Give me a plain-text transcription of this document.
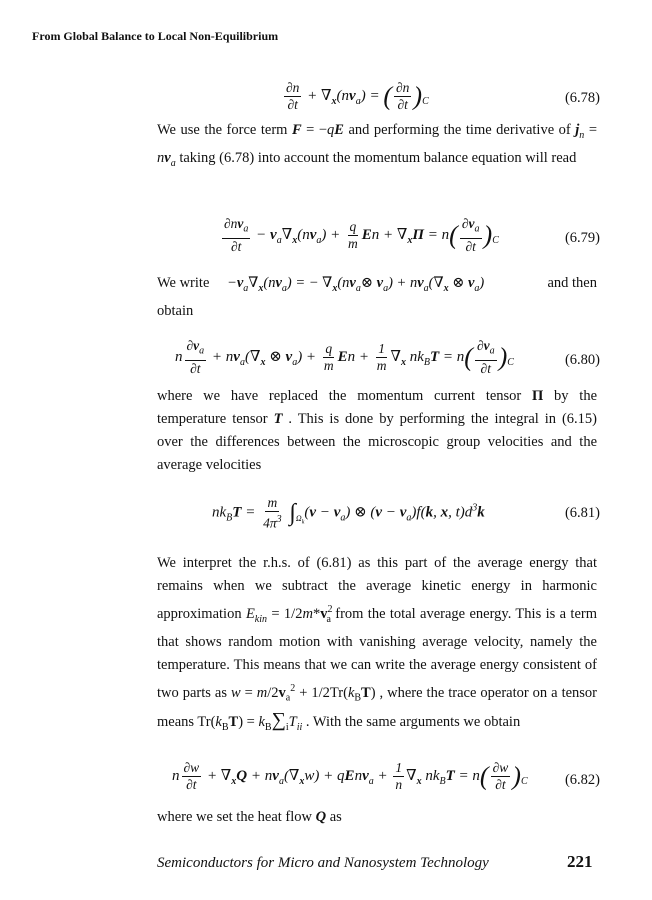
From Global Balance to Local Non-Equilibrium
$\frac{\partial n}{\partial t} + \nabla_x(nv_a)$ = ( $\frac{\partial n}{\partial t} )_C$	(6.78)

We use the force term F = −qE and performing the time derivative of $j_n = nv_a$ taking (6.78) into account the momentum balance equation will read

$\frac{\partial nv_a}{\partial t} - v_a\nabla_x(nv_a) + \frac{q}{m}$ $En + \nabla_x\Pi = n( \frac{\partial v_a}{\partial t} )_C$	(6.79)
We write $-v_a\nabla_x(nv_a)$ = − $\nabla_x(nv_a\otimes$ $v_a) + nv_a(\nabla_x$ ⊗ $v_a$)	and then

obtain
n $\frac{\partial v_a}{\partial t} + nv_a(\nabla_x$ ⊗ $v_a) + \frac{q}{m}$ $En + \frac{1}{m} \nabla_x$ $nk_BT = n( \frac{\partial v_a}{\partial t} )_C$	(6.80)

where we have replaced the momentum current tensor Π by the temperature tensor T . This is done by performing the integral in (6.15) over the differences between the microscopic group velocities and the average velocities

$nk_BT = \frac{m}{4\pi^3} \int_{\Omega_k}(v - v_a)$ ⊗ $(v - v_a)f(k$, x, $t)d^3k$	(6.81)

We interpret the r.h.s. of (6.81) as this part of the average energy that remains when we subtract the average kinetic energy in harmonic approximation $E_{kin} = 1/2m*v^2_a$ from the total average energy. This is a term that shows random motion with vanishing average velocity, namely the temperature. This means that we can write the average energy consistent of two parts as $w = m/2v_a^2 + 1/2Tr(k_BT)$ , where the trace operator on a tensor means $Tr(k_BT) = k_B\sum_iT_{ii}$ . With the same arguments we obtain

n $\frac{\partial w}{\partial t} + \nabla_xQ + nv_a(\nabla_xw)$ + qEnv$_a$ + $\frac{1}{n} \nabla_x$ $nk_BT = n( \frac{\partial w}{\partial t} )_C$	(6.82)

where we set the heat flow Q as

Semiconductors for Micro and Nanosystem Technology	221
